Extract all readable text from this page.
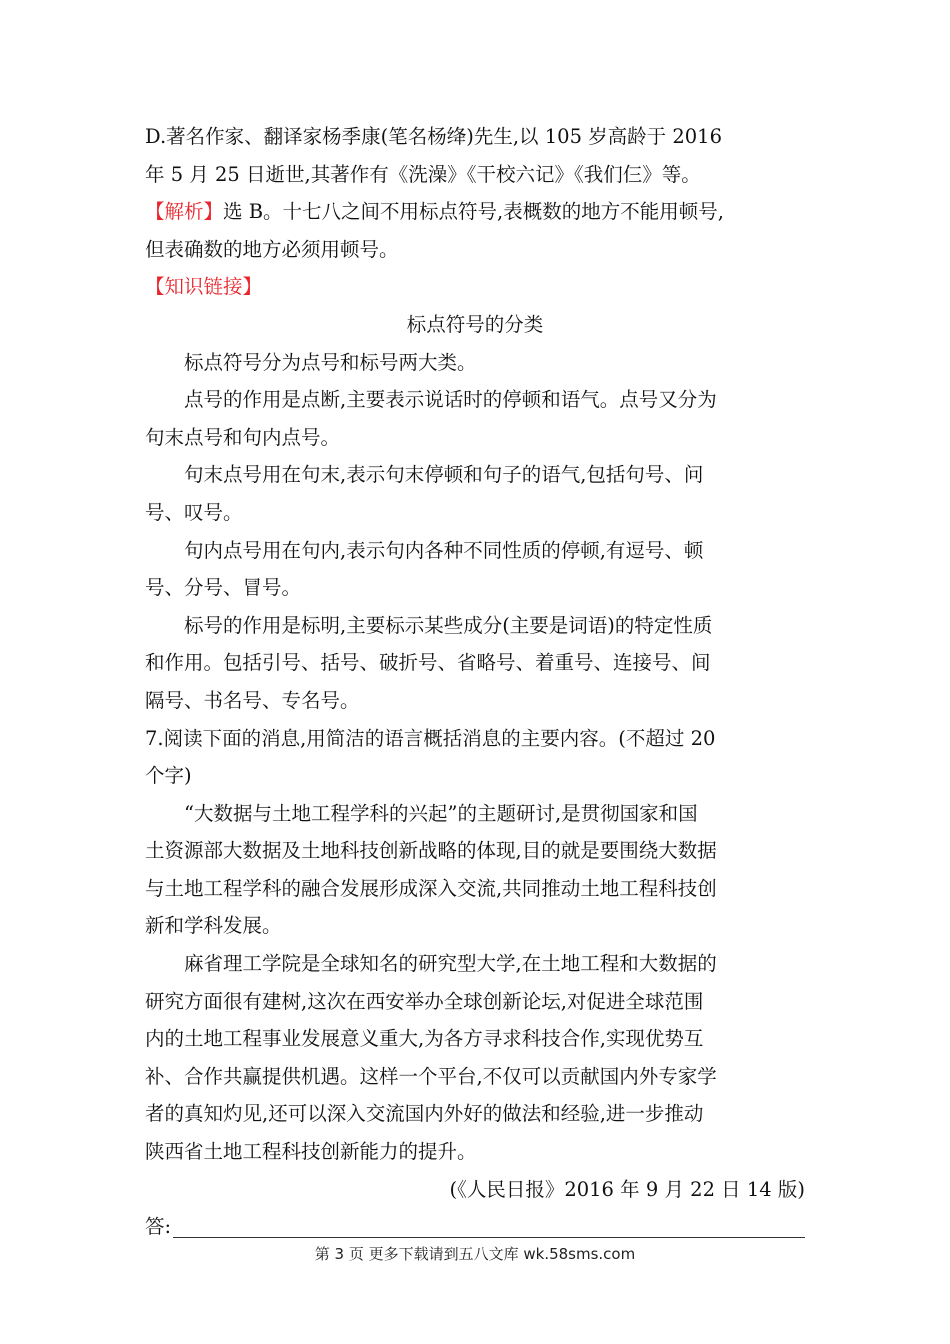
D.著名作家、翻译家杨季康(笔名杨绛)先生,以 105 岁高龄于 2016

年 5 月 25 日逝世,其著作有《洗澡》《干校六记》《我们仨》等。

【解析】选 B。十七八之间不用标点符号,表概数的地方不能用顿号,

但表确数的地方必须用顿号。

【知识链接】

标点符号的分类

标点符号分为点号和标号两大类。

点号的作用是点断,主要表示说话时的停顿和语气。点号又分为

句末点号和句内点号。

句末点号用在句末,表示句末停顿和句子的语气,包括句号、问

号、叹号。

句内点号用在句内,表示句内各种不同性质的停顿,有逗号、顿

号、分号、冒号。

标号的作用是标明,主要标示某些成分(主要是词语)的特定性质

和作用。包括引号、括号、破折号、省略号、着重号、连接号、间

隔号、书名号、专名号。

7.阅读下面的消息,用简洁的语言概括消息的主要内容。(不超过 20

个字)

“大数据与土地工程学科的兴起”的主题研讨,是贯彻国家和国

土资源部大数据及土地科技创新战略的体现,目的就是要围绕大数据

与土地工程学科的融合发展形成深入交流,共同推动土地工程科技创

新和学科发展。

麻省理工学院是全球知名的研究型大学,在土地工程和大数据的

研究方面很有建树,这次在西安举办全球创新论坛,对促进全球范围

内的土地工程事业发展意义重大,为各方寻求科技合作,实现优势互

补、合作共赢提供机遇。这样一个平台,不仅可以贡献国内外专家学

者的真知灼见,还可以深入交流国内外好的做法和经验,进一步推动

陕西省土地工程科技创新能力的提升。

(《人民日报》2016 年 9 月 22 日 14 版)

答:
第 3 页 更多下载请到五八文库 wk.58sms.com
